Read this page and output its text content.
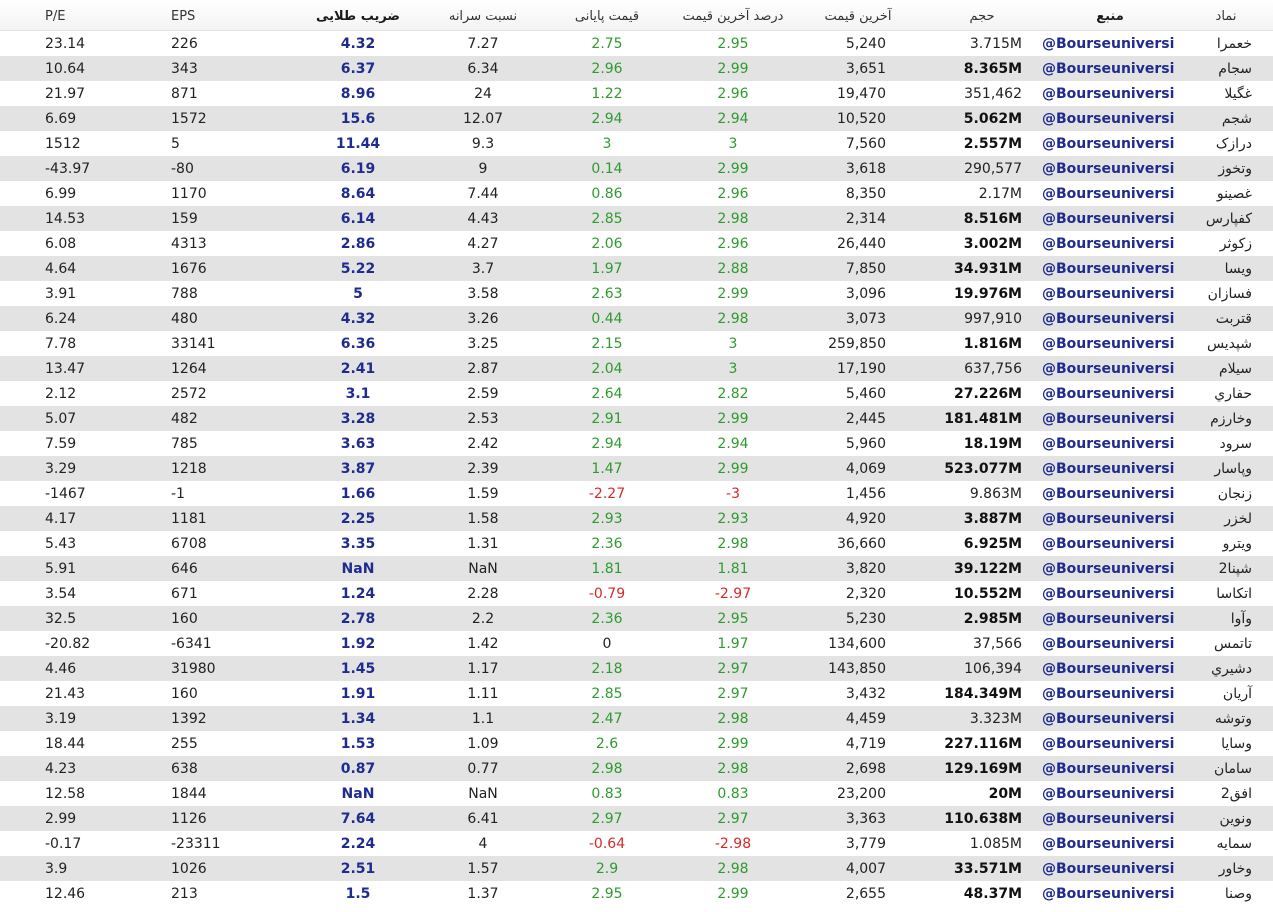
P/E	EPS	ضریب طلایی	نسبت سرانه	قیمت پایانی	درصد آخرین قیمت	آخرین قیمت	حجم	منبع	نماد
23.14	226	4.32	7.27	2.75	2.95	5,240	3.715M @Bourseuniversi	خعمرا
10.64	343	6.37	6.34	2.96	2.99	3,651	8.365M @Bourseuniversi	سجام
21.97	871	8.96	24	1.22	2.96	19,470	351,462 @Bourseuniversi	غگیلا
6.69	1572	15.6	12.07	2.94	2.94	10,520	5.062M @Bourseuniversi	شجم
1512	5	11.44	9.3	3	3	7,560	2.557M @Bourseuniversi	درازک
-43.97	-80	6.19	9	0.14	2.99	3,618	290,577 @Bourseuniversi	وتخوز
6.99	1170	8.64	7.44	0.86	2.96	8,350	2.17M @Bourseuniversi	غصینو
14.53	159	6.14	4.43	2.85	2.98	2,314	8.516M @Bourseuniversi	کفپارس
6.08	4313	2.86	4.27	2.06	2.96	26,440	3.002M @Bourseuniversi	زکوثر
4.64	1676	5.22	3.7	1.97	2.88	7,850	34.931M @Bourseuniversi	ویسا
3.91	788	5	3.58	2.63	2.99	3,096	19.976M @Bourseuniversi	فسازان
6.24	480	4.32	3.26	0.44	2.98	3,073	997,910 @Bourseuniversi	قتربت
7.78	33141	6.36	3.25	2.15	3	259,850	1.816M @Bourseuniversi	شپدیس
13.47	1264	2.41	2.87	2.04	3	17,190	637,756 @Bourseuniversi	سیلام
2.12	2572	3.1	2.59	2.64	2.82	5,460	27.226M @Bourseuniversi	حفاري
5.07	482	3.28	2.53	2.91	2.99	2,445	181.481M @Bourseuniversi	وخارزم
7.59	785	3.63	2.42	2.94	2.94	5,960	18.19M @Bourseuniversi	سرود
3.29	1218	3.87	2.39	1.47	2.99	4,069	523.077M @Bourseuniversi	وپاسار
-1467	-1	1.66	1.59	-2.27	-3	1,456	9.863M @Bourseuniversi	زنجان
4.17	1181	2.25	1.58	2.93	2.93	4,920	3.887M @Bourseuniversi	لخزر
5.43	6708	3.35	1.31	2.36	2.98	36,660	6.925M @Bourseuniversi	ویترو
5.91	646	NaN	NaN	1.81	1.81	3,820	39.122M @Bourseuniversi	شپنا2
3.54	671	1.24	2.28	-0.79	-2.97	2,320	10.552M @Bourseuniversi	اتکاسا
32.5	160	2.78	2.2	2.36	2.95	5,230	2.985M @Bourseuniversi	وآوا
-20.82	-6341	1.92	1.42	0	1.97	134,600	37,566 @Bourseuniversi	تاتمس
4.46	31980	1.45	1.17	2.18	2.97	143,850	106,394 @Bourseuniversi	دشيري
21.43	160	1.91	1.11	2.85	2.97	3,432	184.349M @Bourseuniversi	آریان
3.19	1392	1.34	1.1	2.47	2.98	4,459	3.323M @Bourseuniversi	وتوشه
18.44	255	1.53	1.09	2.6	2.99	4,719	227.116M @Bourseuniversi	وسایا
4.23	638	0.87	0.77	2.98	2.98	2,698	129.169M @Bourseuniversi	سامان
12.58	1844	NaN	NaN	0.83	0.83	23,200	20M @Bourseuniversi	افق2
2.99	1126	7.64	6.41	2.97	2.97	3,363	110.638M @Bourseuniversi	ونوین
-0.17	-23311	2.24	4	-0.64	-2.98	3,779	1.085M @Bourseuniversi	سمایه
3.9	1026	2.51	1.57	2.9	2.98	4,007	33.571M @Bourseuniversi	وخاور
12.46	213	1.5	1.37	2.95	2.99	2,655	48.37M @Bourseuniversi	وصنا
